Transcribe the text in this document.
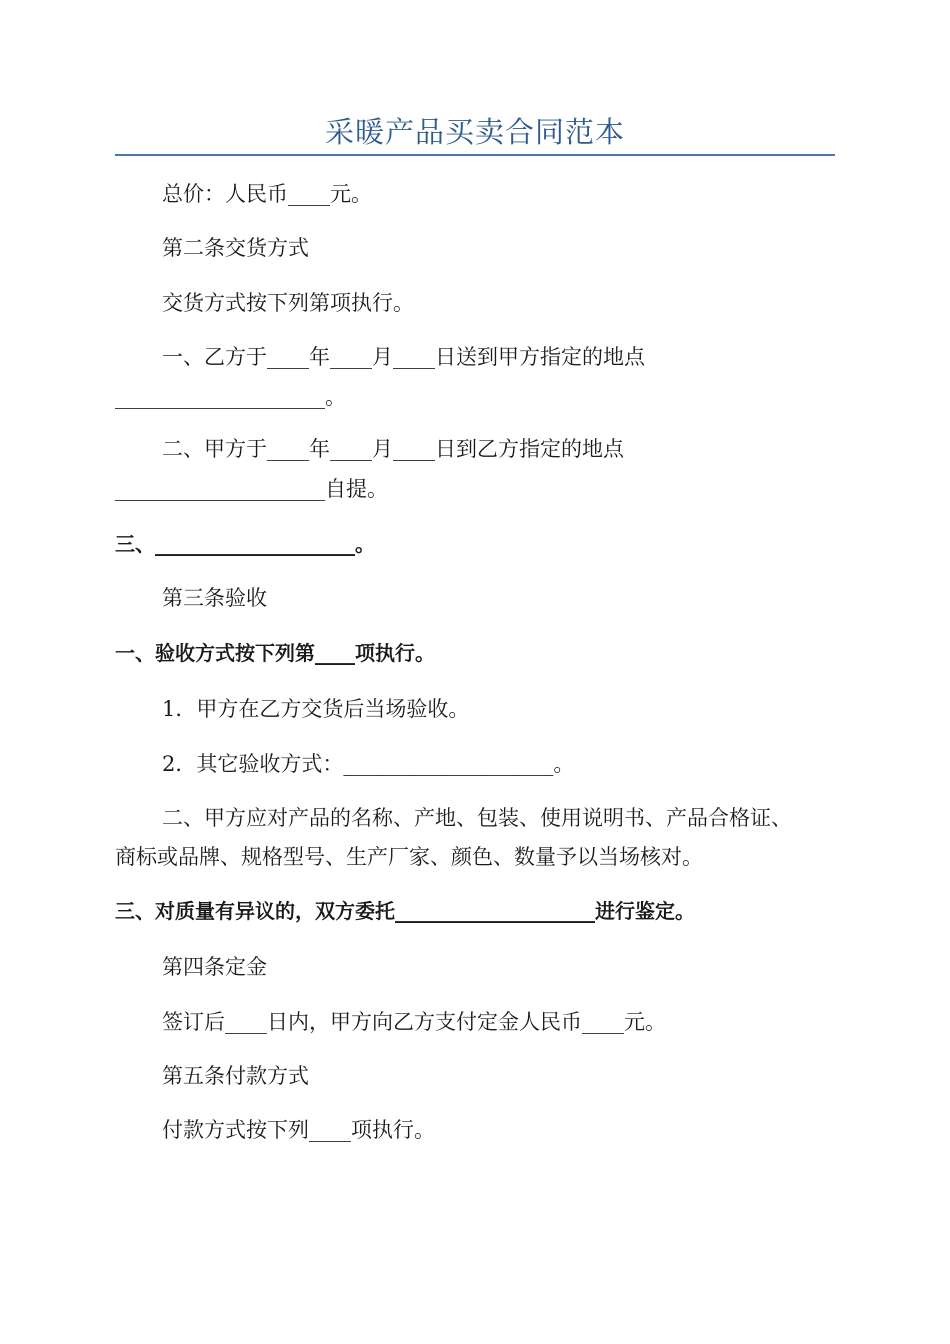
采暖产品买卖合同范本
总价：人民币____元。
第二条交货方式
交货方式按下列第项执行。
一、乙方于____年____月____日送到甲方指定的地点
____________________。
二、甲方于____年____月____日到乙方指定的地点
____________________自提。
三、____________________。
第三条验收
一、验收方式按下列第____项执行。
1．甲方在乙方交货后当场验收。
2．其它验收方式：____________________。
二、甲方应对产品的名称、产地、包装、使用说明书、产品合格证、
商标或品牌、规格型号、生产厂家、颜色、数量予以当场核对。
三、对质量有异议的，双方委托____________________进行鉴定。
第四条定金
签订后____日内，甲方向乙方支付定金人民币____元。
第五条付款方式
付款方式按下列____项执行。
